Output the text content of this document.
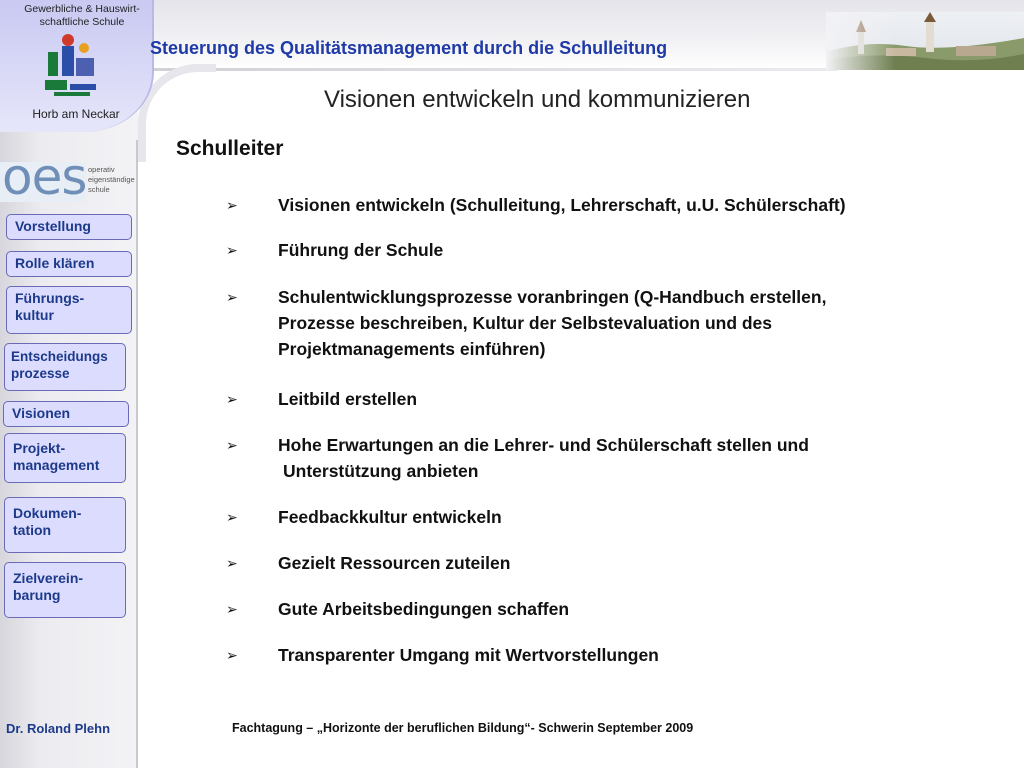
Gewerbliche & Hauswirt-
schaftliche Schule
Horb am Neckar
oes operativ
eigenständige
schule
Vorstellung
Rolle klären
Führungs-
kultur
Entscheidungs
prozesse
Visionen
Projekt-
management
Dokumen-
tation
Zielverein-
barung
Steuerung des Qualitätsmanagement durch die Schulleitung
Visionen entwickeln und kommunizieren
Schulleiter
➢	Visionen entwickeln (Schulleitung, Lehrerschaft, u.U. Schülerschaft)
➢	Führung der Schule
➢	Schulentwicklungsprozesse voranbringen (Q-Handbuch erstellen,
Prozesse beschreiben, Kultur der Selbstevaluation und des
Projektmanagements einführen)
➢	Leitbild erstellen
➢	Hohe Erwartungen an die Lehrer- und Schülerschaft stellen und
Unterstützung anbieten
➢	Feedbackkultur entwickeln
➢	Gezielt Ressourcen zuteilen
➢	Gute Arbeitsbedingungen schaffen
➢	Transparenter Umgang mit Wertvorstellungen
Dr. Roland Plehn	Fachtagung – „Horizonte der beruflichen Bildung“- Schwerin September 2009
